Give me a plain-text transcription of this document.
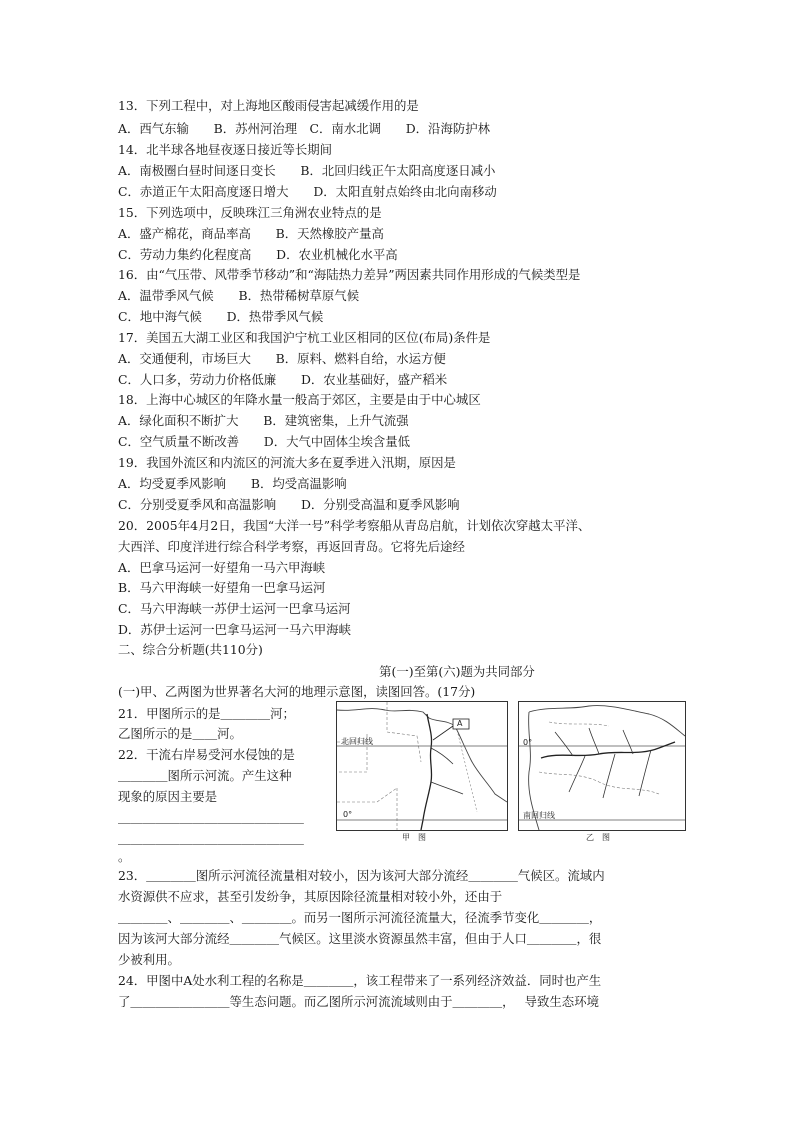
13．下列工程中，对上海地区酸雨侵害起减缓作用的是
A．西气东输　　B．苏州河治理　C．南水北调　　D．沿海防护林
14．北半球各地昼夜逐日接近等长期间
A．南极圈白昼时间逐日变长　　B．北回归线正午太阳高度逐日减小
C．赤道正午太阳高度逐日增大　　D．太阳直射点始终由北向南移动
15．下列选项中，反映珠江三角洲农业特点的是
A．盛产棉花，商品率高　　B．天然橡胶产量高
C．劳动力集约化程度高　　D．农业机械化水平高
16．由“气压带、风带季节移动”和“海陆热力差异”两因素共同作用形成的气候类型是
A．温带季风气候　　B．热带稀树草原气候
C．地中海气候　　D．热带季风气候
17．美国五大湖工业区和我国沪宁杭工业区相同的区位(布局)条件是
A．交通便利，市场巨大　　B．原料、燃料自给，水运方便
C．人口多，劳动力价格低廉　　D．农业基础好，盛产稻米
18．上海中心城区的年降水量一般高于郊区，主要是由于中心城区
A．绿化面积不断扩大　　B．建筑密集，上升气流强
C．空气质量不断改善　　D．大气中固体尘埃含量低
19．我国外流区和内流区的河流大多在夏季进入汛期，原因是
A．均受夏季风影响　　B．均受高温影响
C．分别受夏季风和高温影响　　D．分别受高温和夏季风影响
20．2005年4月2日，我国“大洋一号”科学考察船从青岛启航，计划依次穿越太平洋、
大西洋、印度洋进行综合科学考察，再返回青岛。它将先后途经
A．巴拿马运河一好望角一马六甲海峡
B．马六甲海峡一好望角一巴拿马运河
C．马六甲海峡一苏伊士运河一巴拿马运河
D．苏伊士运河一巴拿马运河一马六甲海峡
二、综合分析题(共110分)
第(一)至第(六)题为共同部分
(一)甲、乙两图为世界著名大河的地理示意图，读图回答。(17分)
21．甲图所示的是＿＿＿＿河；
乙图所示的是＿＿河。
22．干流右岸易受河水侵蚀的是
＿＿＿＿图所示河流。产生这种
现象的原因主要是
＿＿＿＿＿＿＿＿＿＿＿＿＿＿＿
＿＿＿＿＿＿＿＿＿＿＿＿＿＿＿
。
北回归线
0°
A
甲　图
0°
南回归线
乙　图
23．＿＿＿＿图所示河流径流量相对较小，因为该河大部分流经＿＿＿＿气候区。流域内
水资源供不应求，甚至引发纷争，其原因除径流量相对较小外，还由于
＿＿＿＿、＿＿＿＿、＿＿＿＿。而另一图所示河流径流量大，径流季节变化＿＿＿＿，
因为该河大部分流经＿＿＿＿气候区。这里淡水资源虽然丰富，但由于人口＿＿＿＿，很
少被利用。
24．甲图中A处水利工程的名称是＿＿＿＿，该工程带来了一系列经济效益．同时也产生
了＿＿＿＿＿＿＿＿等生态问题。而乙图所示河流流域则由于＿＿＿＿，　 导致生态环境
